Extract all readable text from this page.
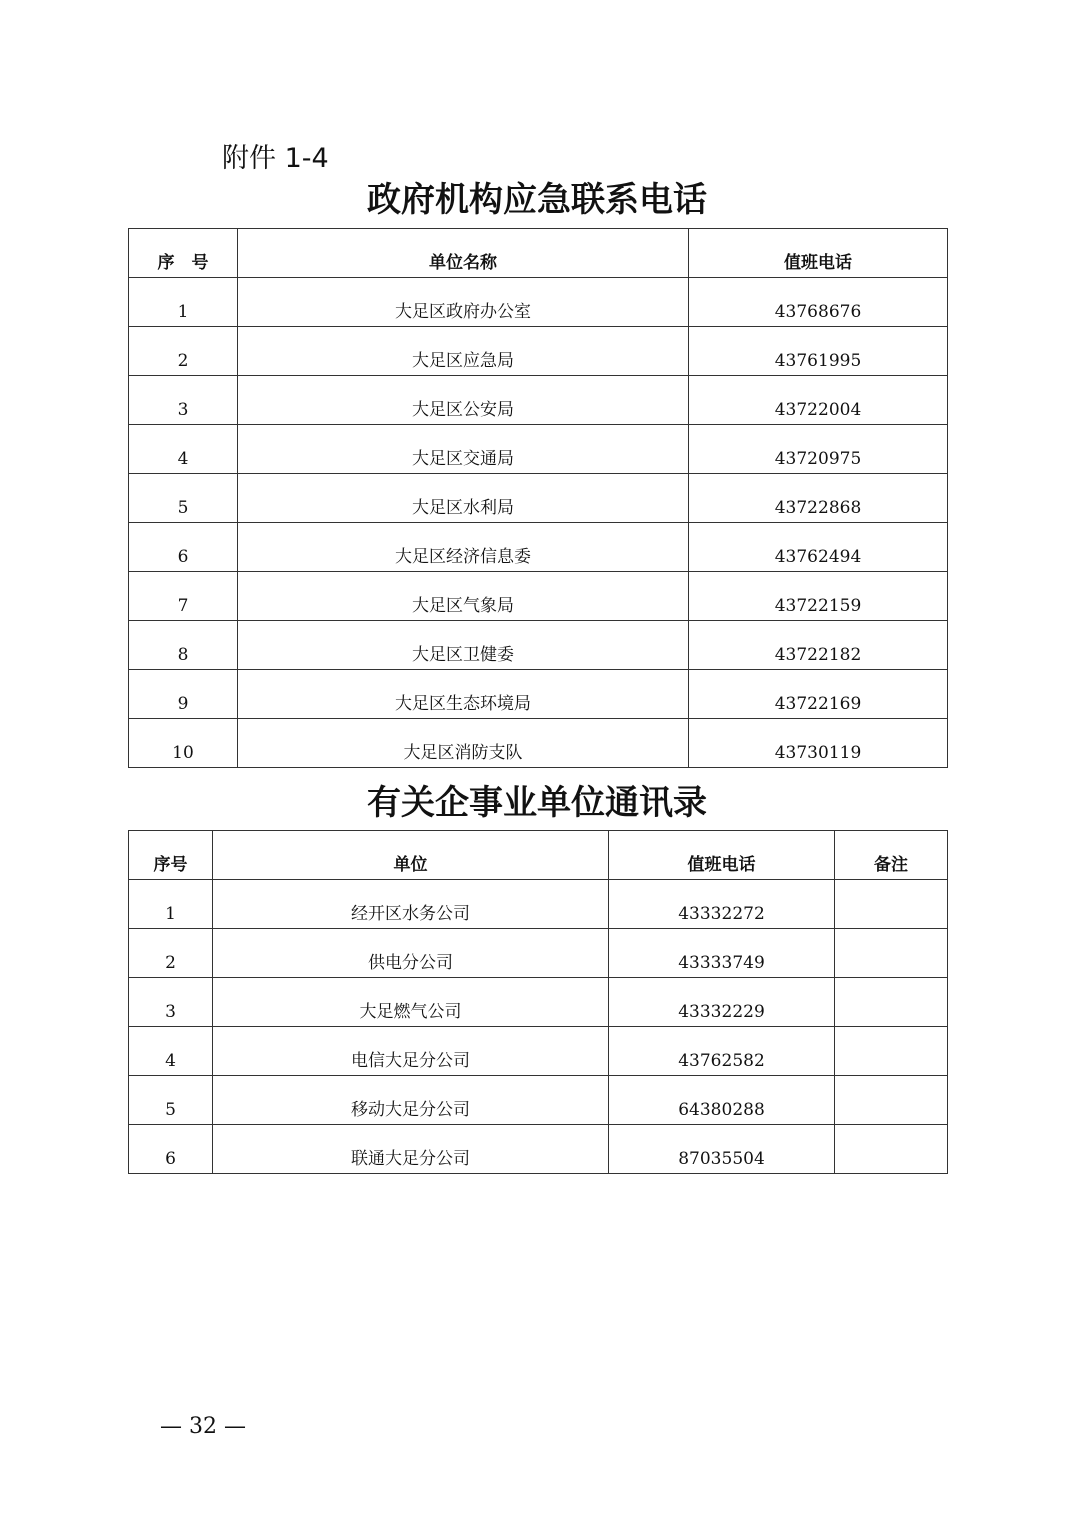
附件 1-4
政府机构应急联系电话
序　号	单位名称	值班电话
1	大足区政府办公室	43768676
2	大足区应急局	43761995
3	大足区公安局	43722004
4	大足区交通局	43720975
5	大足区水利局	43722868
6	大足区经济信息委	43762494
7	大足区气象局	43722159
8	大足区卫健委	43722182
9	大足区生态环境局	43722169
10	大足区消防支队	43730119
有关企事业单位通讯录
序号	单位	值班电话	备注
1	经开区水务公司	43332272	
2	供电分公司	43333749	
3	大足燃气公司	43332229	
4	电信大足分公司	43762582	
5	移动大足分公司	64380288	
6	联通大足分公司	87035504	
— 32 —
